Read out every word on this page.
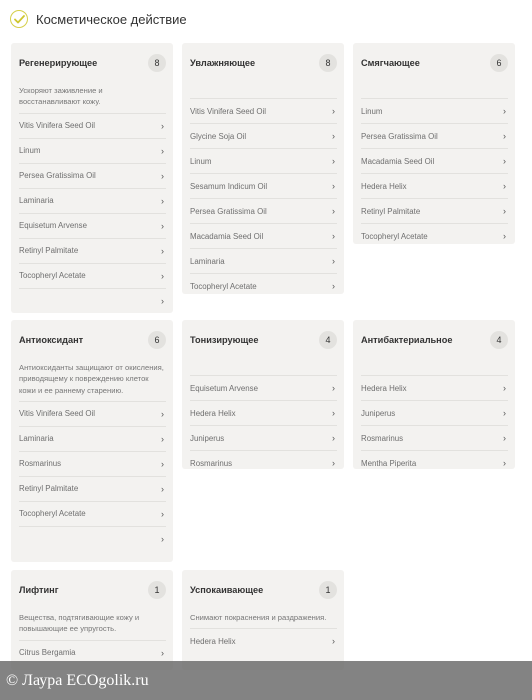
Косметическое действие
Регенерирующее	8
Ускоряют заживление и восстанавливают кожу.
Vitis Vinifera Seed Oil	›
Linum	›
Persea Gratissima Oil	›
Laminaria	›
Equisetum Arvense	›
Retinyl Palmitate	›
Tocopheryl Acetate	›
›
Увлажняющее	8
Vitis Vinifera Seed Oil	›
Glycine Soja Oil	›
Linum	›
Sesamum Indicum Oil	›
Persea Gratissima Oil	›
Macadamia Seed Oil	›
Laminaria	›
Tocopheryl Acetate	›
Смягчающее	6
Linum	›
Persea Gratissima Oil	›
Macadamia Seed Oil	›
Hedera Helix	›
Retinyl Palmitate	›
Tocopheryl Acetate	›
Антиоксидант	6
Антиоксиданты защищают от окисления, приводящему к повреждению клеток кожи и ее раннему старению.
Vitis Vinifera Seed Oil	›
Laminaria	›
Rosmarinus	›
Retinyl Palmitate	›
Tocopheryl Acetate	›
›
Тонизирующее	4
Equisetum Arvense	›
Hedera Helix	›
Juniperus	›
Rosmarinus	›
Антибактериальное	4
Hedera Helix	›
Juniperus	›
Rosmarinus	›
Mentha Piperita	›
Лифтинг	1
Вещества, подтягивающие кожу и повышающие ее упругость.
Citrus Bergamia	›
Успокаивающее	1
Снимают покраснения и раздражения.
Hedera Helix	›
© Лаура ECOgolik.ru
